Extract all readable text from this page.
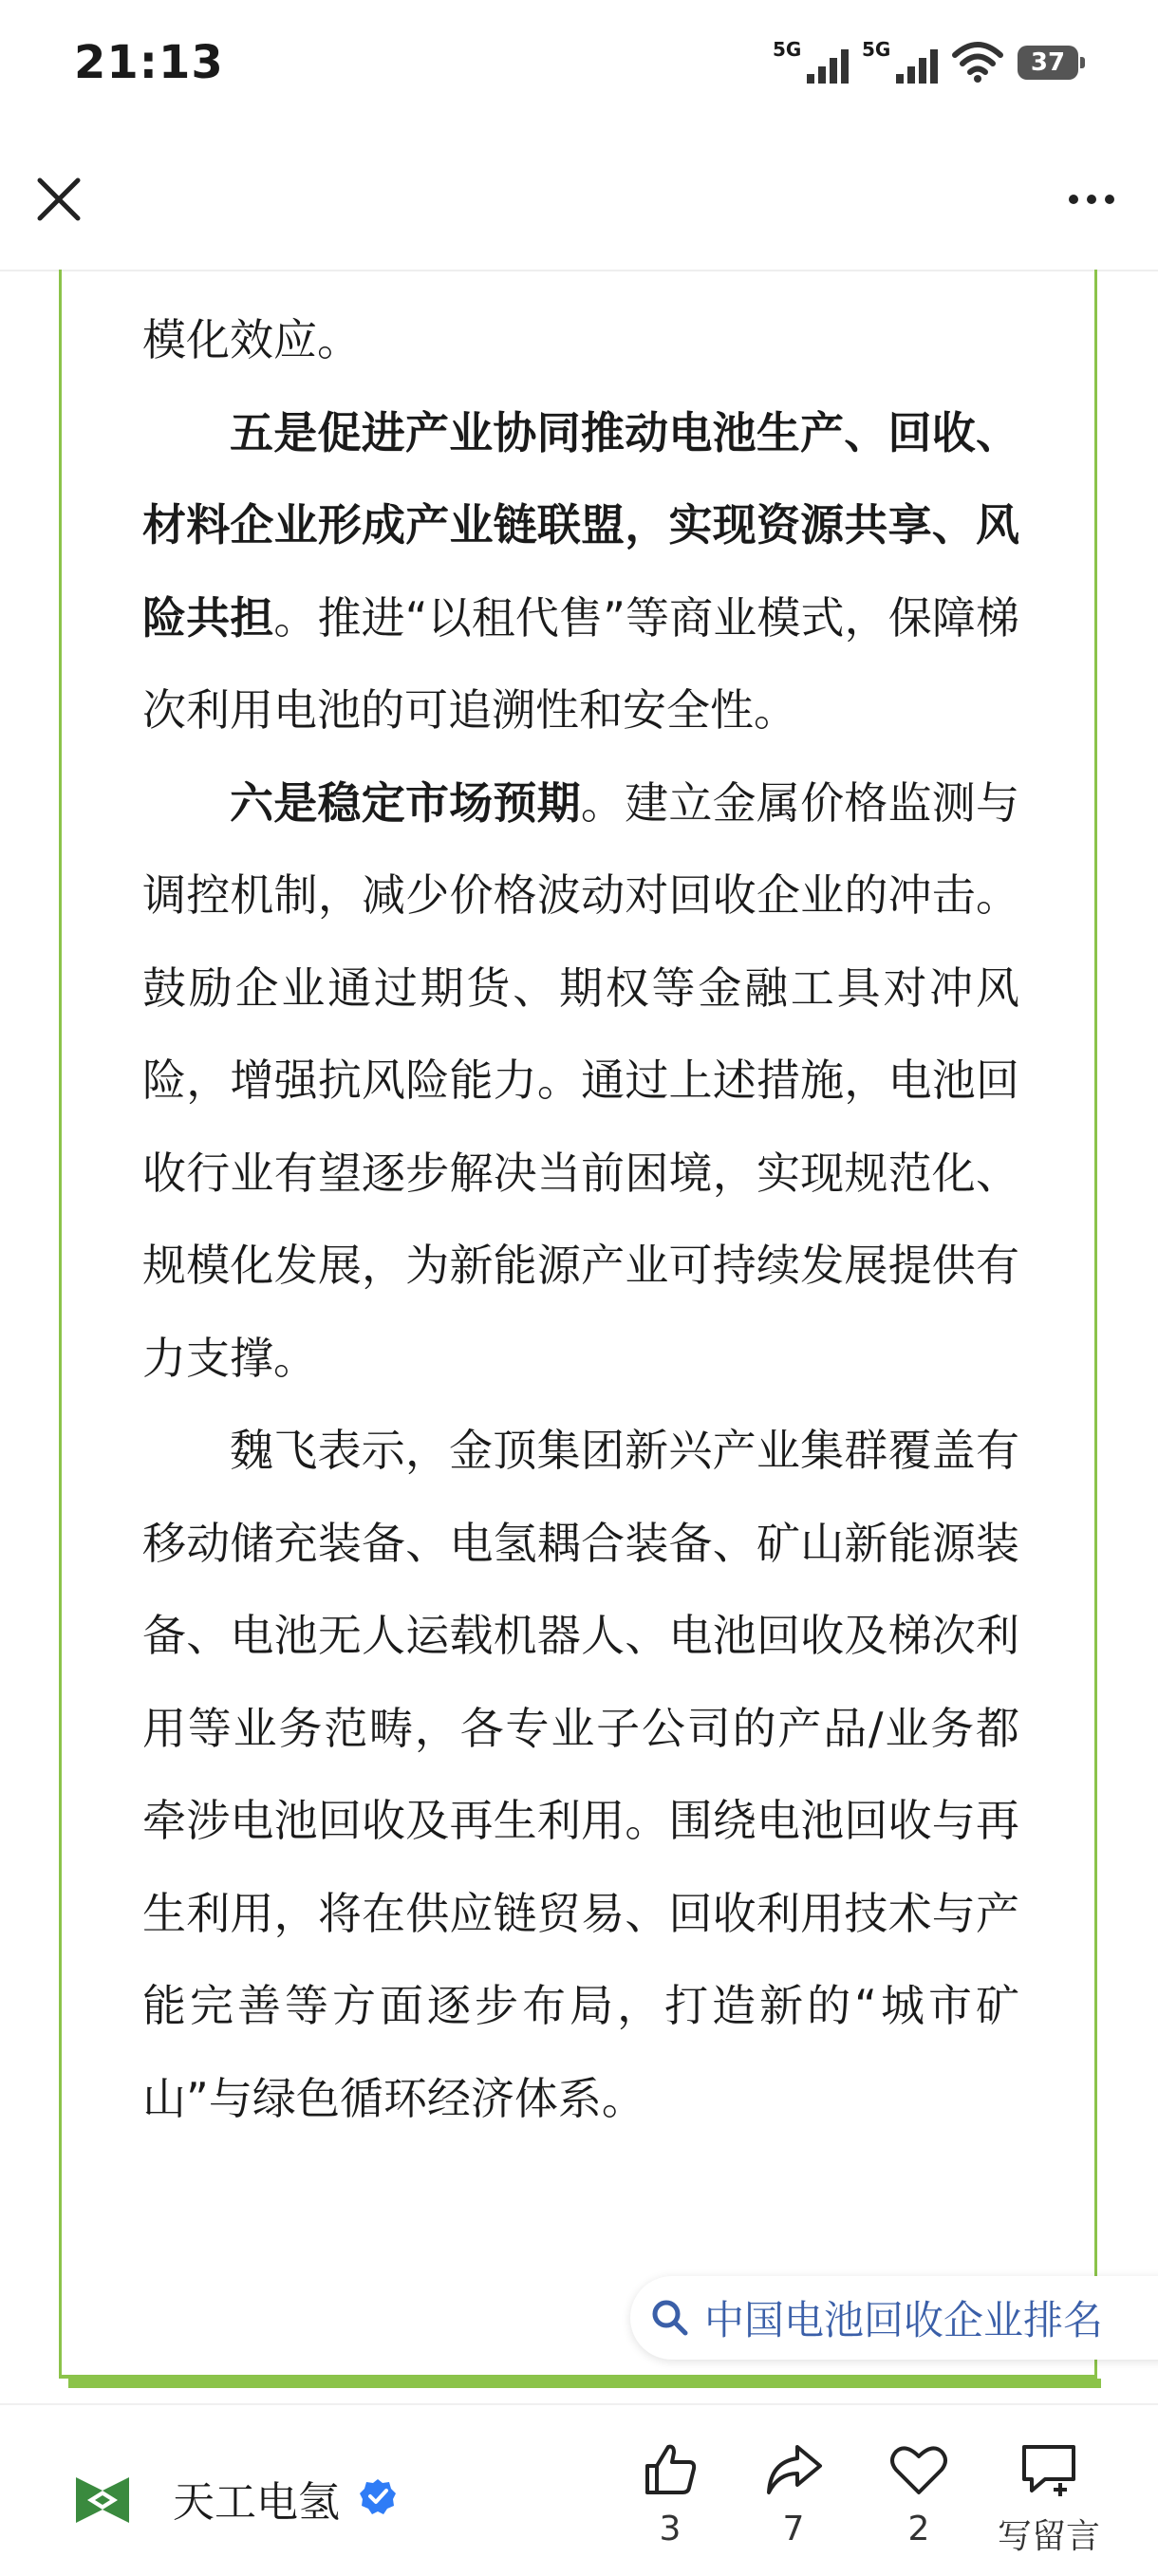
21:13	5G	5G	37

模化效应。

五是促进产业协同推动电池生产、回收、材料企业形成产业链联盟，实现资源共享、风险共担。推进“以租代售”等商业模式，保障梯次利用电池的可追溯性和安全性。

六是稳定市场预期。建立金属价格监测与调控机制，减少价格波动对回收企业的冲击。鼓励企业通过期货、期权等金融工具对冲风险，增强抗风险能力。通过上述措施，电池回收行业有望逐步解决当前困境，实现规范化、规模化发展，为新能源产业可持续发展提供有力支撑。

魏飞表示，金顶集团新兴产业集群覆盖有移动储充装备、电氢耦合装备、矿山新能源装备、电池无人运载机器人、电池回收及梯次利用等业务范畴，各专业子公司的产品/业务都牵涉电池回收及再生利用。围绕电池回收与再生利用，将在供应链贸易、回收利用技术与产能完善等方面逐步布局，打造新的“城市矿山”与绿色循环经济体系。

中国电池回收企业排名
天工电氢
3	7	2	写留言
